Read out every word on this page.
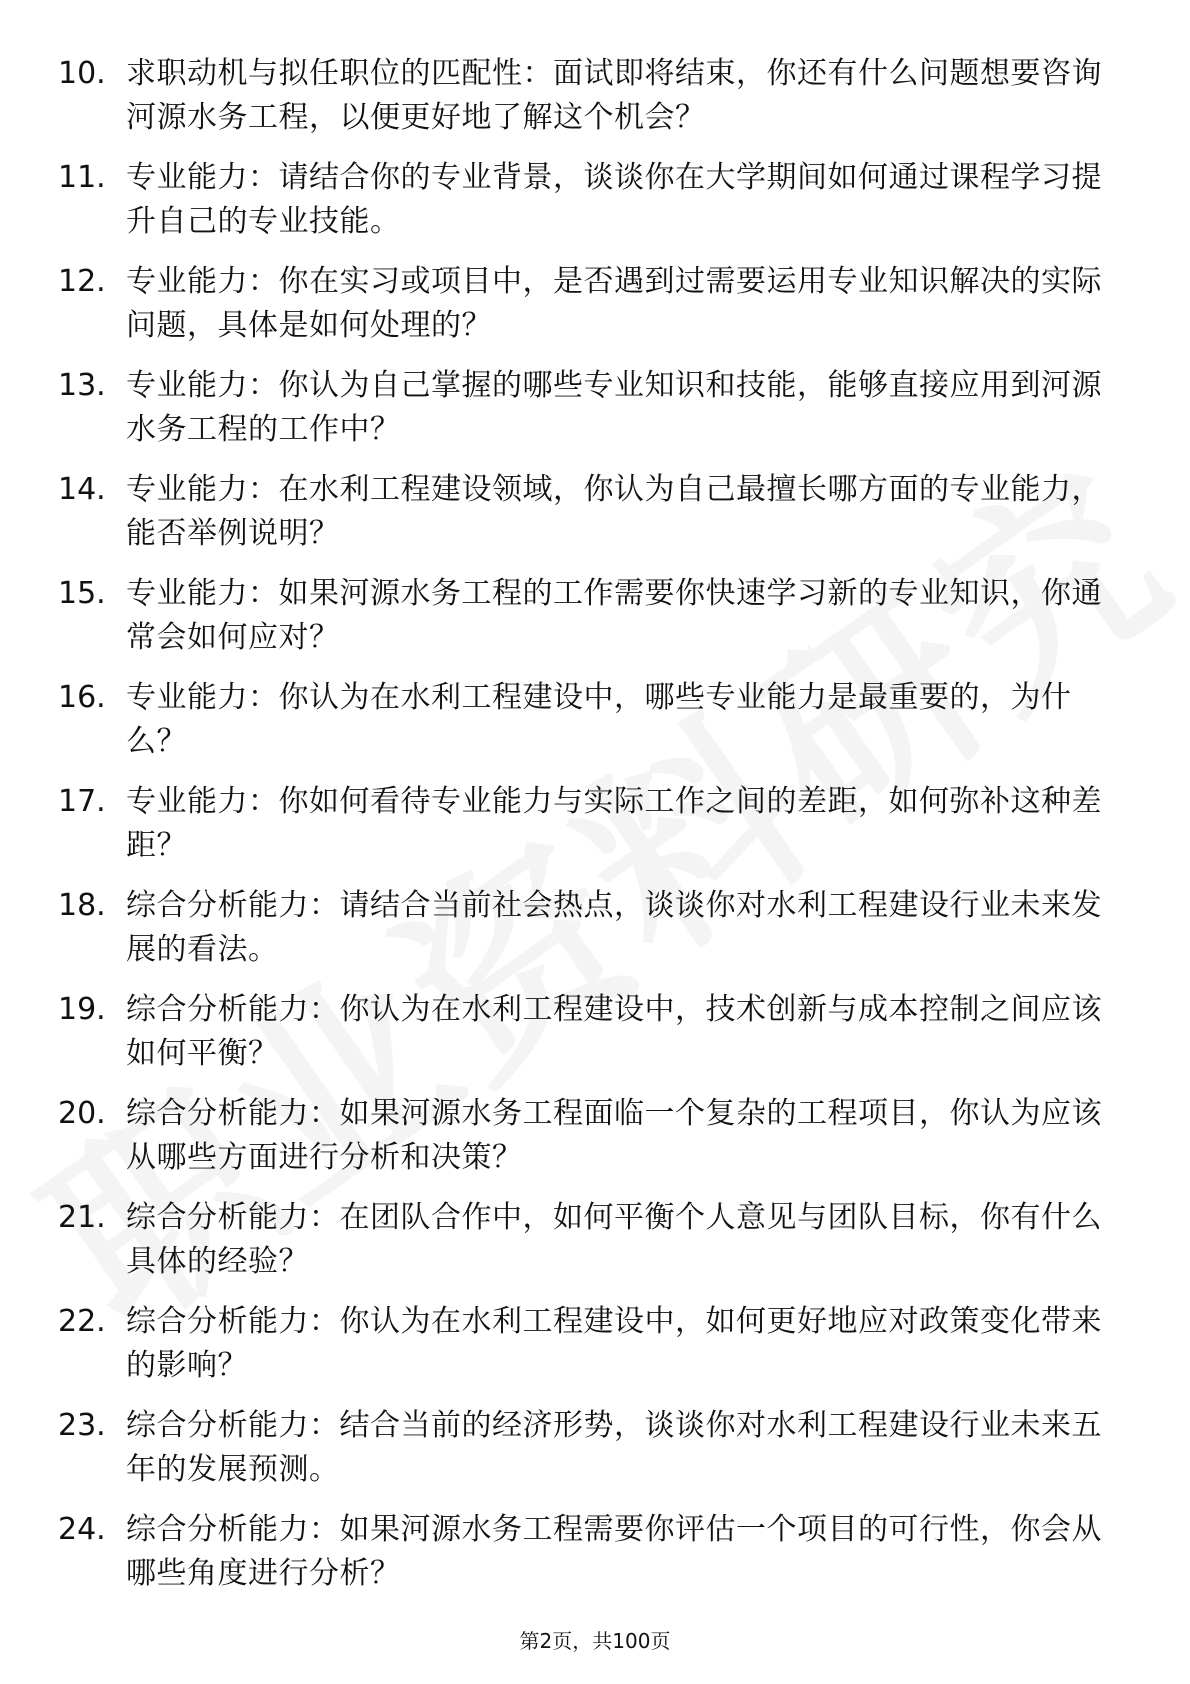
10. 求职动机与拟任职位的匹配性：面试即将结束，你还有什么问题想要咨询河源水务工程，以便更好地了解这个机会？
11. 专业能力：请结合你的专业背景，谈谈你在大学期间如何通过课程学习提升自己的专业技能。
12. 专业能力：你在实习或项目中，是否遇到过需要运用专业知识解决的实际问题，具体是如何处理的？
13. 专业能力：你认为自己掌握的哪些专业知识和技能，能够直接应用到河源水务工程的工作中？
14. 专业能力：在水利工程建设领域，你认为自己最擅长哪方面的专业能力，能否举例说明？
15. 专业能力：如果河源水务工程的工作需要你快速学习新的专业知识，你通常会如何应对？
16. 专业能力：你认为在水利工程建设中，哪些专业能力是最重要的，为什么？
17. 专业能力：你如何看待专业能力与实际工作之间的差距，如何弥补这种差距？
18. 综合分析能力：请结合当前社会热点，谈谈你对水利工程建设行业未来发展的看法。
19. 综合分析能力：你认为在水利工程建设中，技术创新与成本控制之间应该如何平衡？
20. 综合分析能力：如果河源水务工程面临一个复杂的工程项目，你认为应该从哪些方面进行分析和决策？
21. 综合分析能力：在团队合作中，如何平衡个人意见与团队目标，你有什么具体的经验？
22. 综合分析能力：你认为在水利工程建设中，如何更好地应对政策变化带来的影响？
23. 综合分析能力：结合当前的经济形势，谈谈你对水利工程建设行业未来五年的发展预测。
24. 综合分析能力：如果河源水务工程需要你评估一个项目的可行性，你会从哪些角度进行分析？
第2页，共100页
